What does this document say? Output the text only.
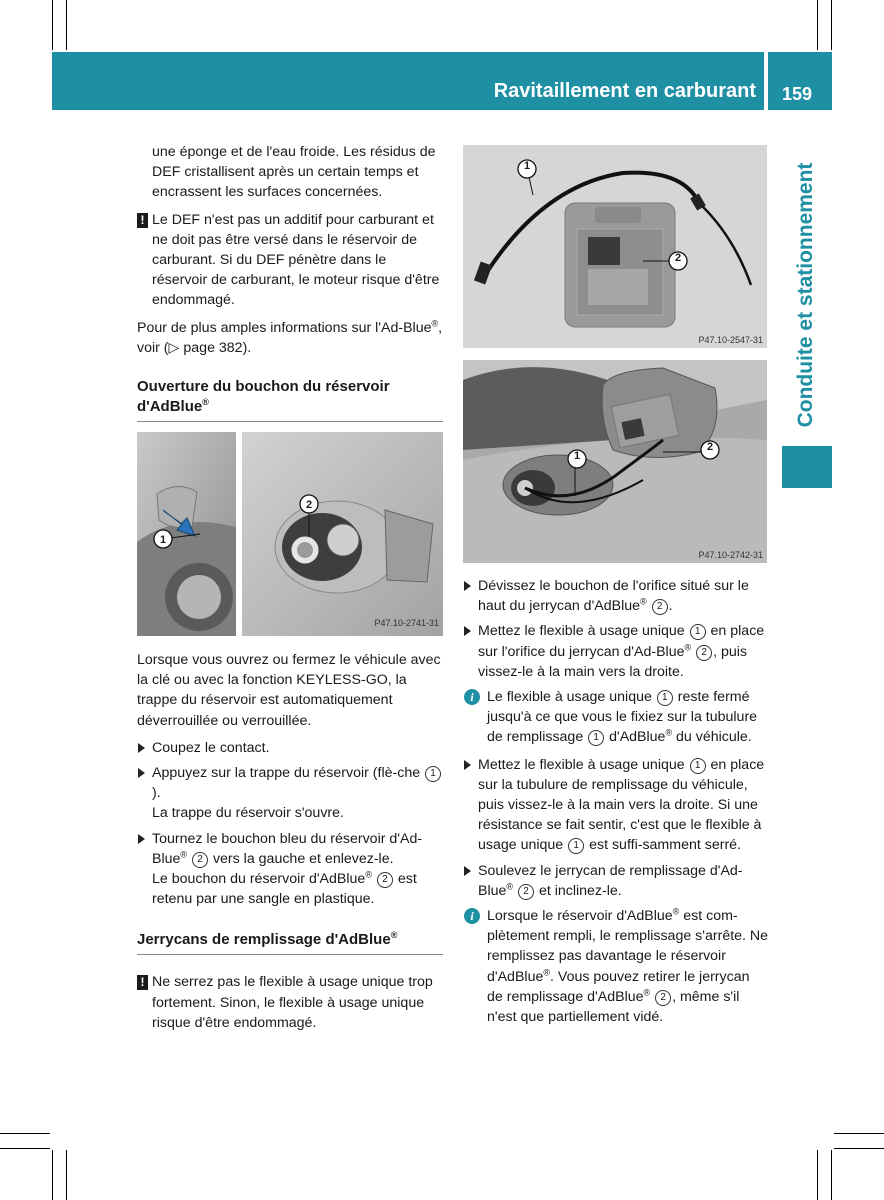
Ravitaillement en carburant 159
Conduite et stationnement

une éponge et de l'eau froide. Les résidus de DEF cristallisent après un certain temps et encrassent les surfaces concernées.

! Le DEF n'est pas un additif pour carburant et ne doit pas être versé dans le réservoir de carburant. Si du DEF pénètre dans le réservoir de carburant, le moteur risque d'être endommagé.

Pour de plus amples informations sur l'Ad-Blue®, voir (▷ page 382).

Ouverture du bouchon du réservoir d'AdBlue®

1
2
P47.10-2741-31

Lorsque vous ouvrez ou fermez le véhicule avec la clé ou avec la fonction KEYLESS-GO, la trappe du réservoir est automatiquement déverrouillée ou verrouillée.

Coupez le contact.
Appuyez sur la trappe du réservoir (flè-che 1).
La trappe du réservoir s'ouvre.
Tournez le bouchon bleu du réservoir d'Ad-Blue® 2 vers la gauche et enlevez-le.
Le bouchon du réservoir d'AdBlue® 2 est retenu par une sangle en plastique.

Jerrycans de remplissage d'AdBlue®

! Ne serrez pas le flexible à usage unique trop fortement. Sinon, le flexible à usage unique risque d'être endommagé.
1
2
P47.10-2547-31
1
2
P47.10-2742-31
Dévissez le bouchon de l'orifice situé sur le haut du jerrycan d'AdBlue® 2 .
Mettez le flexible à usage unique 1 en place sur l'orifice du jerrycan d'Ad-Blue® 2 , puis vissez-le à la main vers la droite.
i Le flexible à usage unique 1 reste fermé jusqu'à ce que vous le fixiez sur la tubulure de remplissage 1 d'AdBlue® du véhicule.
Mettez le flexible à usage unique 1 en place sur la tubulure de remplissage du véhicule, puis vissez-le à la main vers la droite. Si une résistance se fait sentir, c'est que le flexible à usage unique 1 est suffi-samment serré.
Soulevez le jerrycan de remplissage d'Ad-Blue® 2 et inclinez-le.
i Lorsque le réservoir d'AdBlue® est com-plètement rempli, le remplissage s'arrête. Ne remplissez pas davantage le réservoir d'AdBlue®. Vous pouvez retirer le jerrycan de remplissage d'AdBlue® 2 , même s'il n'est que partiellement vidé.
